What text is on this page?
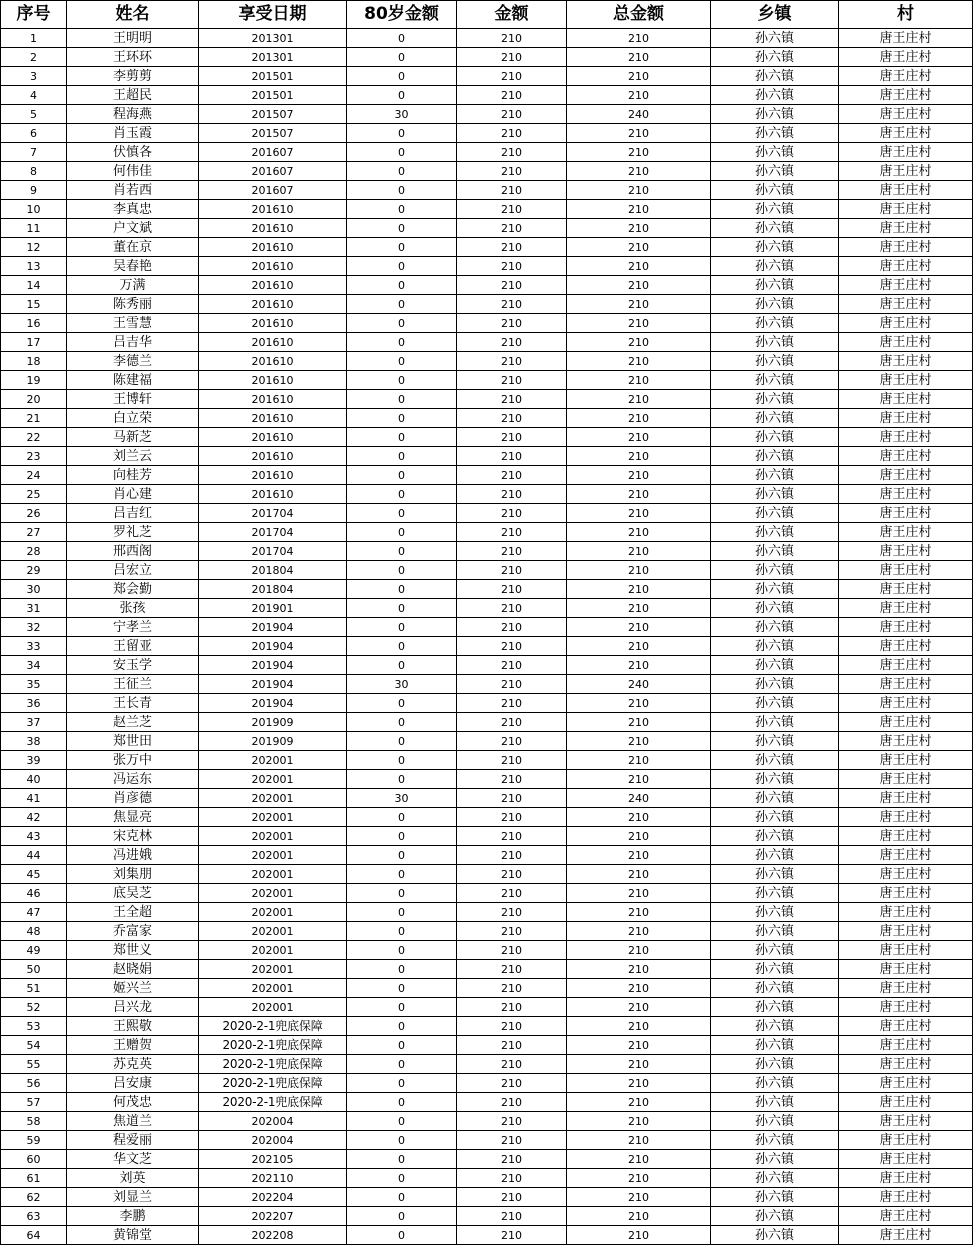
序号	姓名	享受日期	80岁金额	金额	总金额	乡镇	村
1	王明明	201301	0	210	210	孙六镇	唐王庄村
2	王环环	201301	0	210	210	孙六镇	唐王庄村
3	李剪剪	201501	0	210	210	孙六镇	唐王庄村
4	王超民	201501	0	210	210	孙六镇	唐王庄村
5	程海燕	201507	30	210	240	孙六镇	唐王庄村
6	肖玉霞	201507	0	210	210	孙六镇	唐王庄村
7	伏慎各	201607	0	210	210	孙六镇	唐王庄村
8	何伟佳	201607	0	210	210	孙六镇	唐王庄村
9	肖若西	201607	0	210	210	孙六镇	唐王庄村
10	李真忠	201610	0	210	210	孙六镇	唐王庄村
11	户文斌	201610	0	210	210	孙六镇	唐王庄村
12	董在京	201610	0	210	210	孙六镇	唐王庄村
13	吴春艳	201610	0	210	210	孙六镇	唐王庄村
14	万满	201610	0	210	210	孙六镇	唐王庄村
15	陈秀丽	201610	0	210	210	孙六镇	唐王庄村
16	王雪慧	201610	0	210	210	孙六镇	唐王庄村
17	吕吉华	201610	0	210	210	孙六镇	唐王庄村
18	李德兰	201610	0	210	210	孙六镇	唐王庄村
19	陈建福	201610	0	210	210	孙六镇	唐王庄村
20	王博轩	201610	0	210	210	孙六镇	唐王庄村
21	白立荣	201610	0	210	210	孙六镇	唐王庄村
22	马新芝	201610	0	210	210	孙六镇	唐王庄村
23	刘兰云	201610	0	210	210	孙六镇	唐王庄村
24	向桂芳	201610	0	210	210	孙六镇	唐王庄村
25	肖心建	201610	0	210	210	孙六镇	唐王庄村
26	吕吉红	201704	0	210	210	孙六镇	唐王庄村
27	罗礼芝	201704	0	210	210	孙六镇	唐王庄村
28	邢西阁	201704	0	210	210	孙六镇	唐王庄村
29	吕宏立	201804	0	210	210	孙六镇	唐王庄村
30	郑会勤	201804	0	210	210	孙六镇	唐王庄村
31	张孩	201901	0	210	210	孙六镇	唐王庄村
32	宁孝兰	201904	0	210	210	孙六镇	唐王庄村
33	王留亚	201904	0	210	210	孙六镇	唐王庄村
34	安玉学	201904	0	210	210	孙六镇	唐王庄村
35	王征兰	201904	30	210	240	孙六镇	唐王庄村
36	王长青	201904	0	210	210	孙六镇	唐王庄村
37	赵兰芝	201909	0	210	210	孙六镇	唐王庄村
38	郑世田	201909	0	210	210	孙六镇	唐王庄村
39	张万中	202001	0	210	210	孙六镇	唐王庄村
40	冯运东	202001	0	210	210	孙六镇	唐王庄村
41	肖彦德	202001	30	210	240	孙六镇	唐王庄村
42	焦显亮	202001	0	210	210	孙六镇	唐王庄村
43	宋克林	202001	0	210	210	孙六镇	唐王庄村
44	冯进娥	202001	0	210	210	孙六镇	唐王庄村
45	刘集朋	202001	0	210	210	孙六镇	唐王庄村
46	底吴芝	202001	0	210	210	孙六镇	唐王庄村
47	王全超	202001	0	210	210	孙六镇	唐王庄村
48	乔富家	202001	0	210	210	孙六镇	唐王庄村
49	郑世义	202001	0	210	210	孙六镇	唐王庄村
50	赵晓娟	202001	0	210	210	孙六镇	唐王庄村
51	姬兴兰	202001	0	210	210	孙六镇	唐王庄村
52	吕兴龙	202001	0	210	210	孙六镇	唐王庄村
53	王熙敬	2020-2-1兜底保障	0	210	210	孙六镇	唐王庄村
54	王赠贺	2020-2-1兜底保障	0	210	210	孙六镇	唐王庄村
55	苏克英	2020-2-1兜底保障	0	210	210	孙六镇	唐王庄村
56	吕安康	2020-2-1兜底保障	0	210	210	孙六镇	唐王庄村
57	何茂忠	2020-2-1兜底保障	0	210	210	孙六镇	唐王庄村
58	焦道兰	202004	0	210	210	孙六镇	唐王庄村
59	程爱丽	202004	0	210	210	孙六镇	唐王庄村
60	华文芝	202105	0	210	210	孙六镇	唐王庄村
61	刘英	202110	0	210	210	孙六镇	唐王庄村
62	刘显兰	202204	0	210	210	孙六镇	唐王庄村
63	李鹏	202207	0	210	210	孙六镇	唐王庄村
64	黄锦堂	202208	0	210	210	孙六镇	唐王庄村
